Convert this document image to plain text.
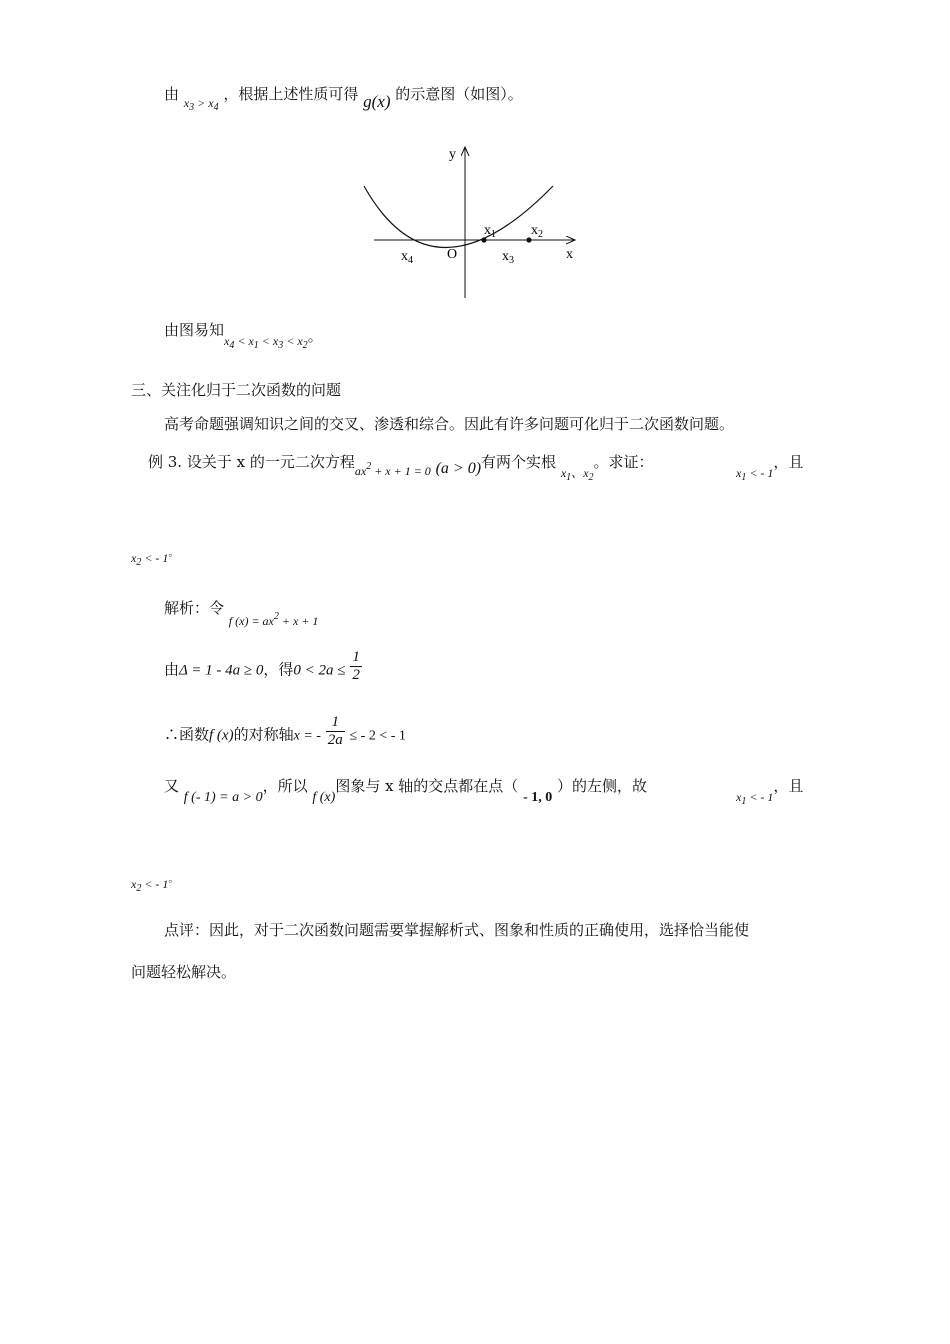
由 $_{x_3 > x_4}$ ，根据上述性质可得 g(x) 的示意图（如图）。
y
x
O
$x_1$	$x_2$
$x_3$
$x_4$
由图易知$_{x_4 < x_1 < x_3 < x_2}$。
三、关注化归于二次函数的问题
高考命题强调知识之间的交叉、渗透和综合。因此有许多问题可化归于二次函数问题。
例 3. 设关于 x 的一元二次方程$_{ax^2 + x + 1 = 0}$ (a > 0)有两个实根 $_{x_1、x_2}$。求证：
$_{x_1 < - 1}$，且
$x_2$ < - 1。
解析：令 $_{f (x) = ax^2 + x + 1}$
由Δ = 1 - 4a ≥ 0，得$0 < 2a \le \frac{1}{2}$
∴函数f (x)的对称轴x = - $\frac{1}{2a}$ ≤ - 2 < - 1
又 f (- 1) = a > 0，所以 f (x)图象与 x 轴的交点都在点（ - 1, 0 ）的左侧，故
$_{x_1 < - 1}$，且
$x_2$ < - 1。
点评：因此，对于二次函数问题需要掌握解析式、图象和性质的正确使用，选择恰当能使
问题轻松解决。
